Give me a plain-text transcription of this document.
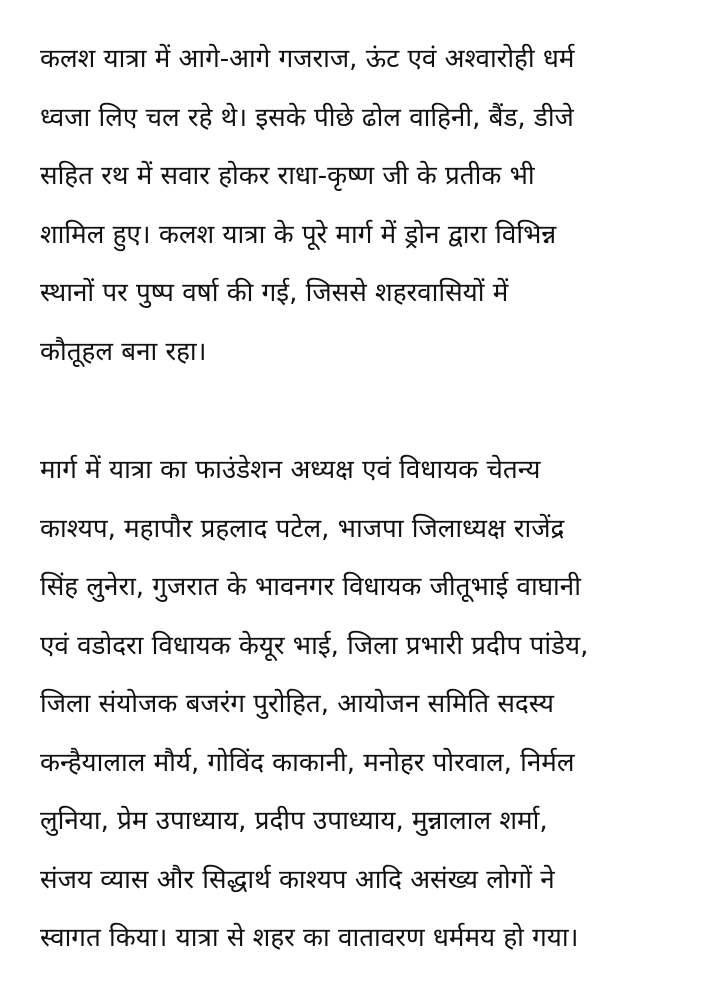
कलश यात्रा में आगे-आगे गजराज, ऊंट एवं अश्वारोही धर्म
ध्वजा लिए चल रहे थे। इसके पीछे ढोल वाहिनी, बैंड, डीजे
सहित रथ में सवार होकर राधा-कृष्ण जी के प्रतीक भी
शामिल हुए। कलश यात्रा के पूरे मार्ग में ड्रोन द्वारा विभिन्न
स्थानों पर पुष्प वर्षा की गई, जिससे शहरवासियों में
कौतूहल बना रहा।

मार्ग में यात्रा का फाउंडेशन अध्यक्ष एवं विधायक चेतन्य
काश्यप, महापौर प्रहलाद पटेल, भाजपा जिलाध्यक्ष राजेंद्र
सिंह लुनेरा, गुजरात के भावनगर विधायक जीतूभाई वाघानी
एवं वडोदरा विधायक केयूर भाई, जिला प्रभारी प्रदीप पांडेय,
जिला संयोजक बजरंग पुरोहित, आयोजन समिति सदस्य
कन्हैयालाल मौर्य, गोविंद काकानी, मनोहर पोरवाल, निर्मल
लुनिया, प्रेम उपाध्याय, प्रदीप उपाध्याय, मुन्नालाल शर्मा,
संजय व्यास और सिद्धार्थ काश्यप आदि असंख्य लोगों ने
स्वागत किया। यात्रा से शहर का वातावरण धर्ममय हो गया।
